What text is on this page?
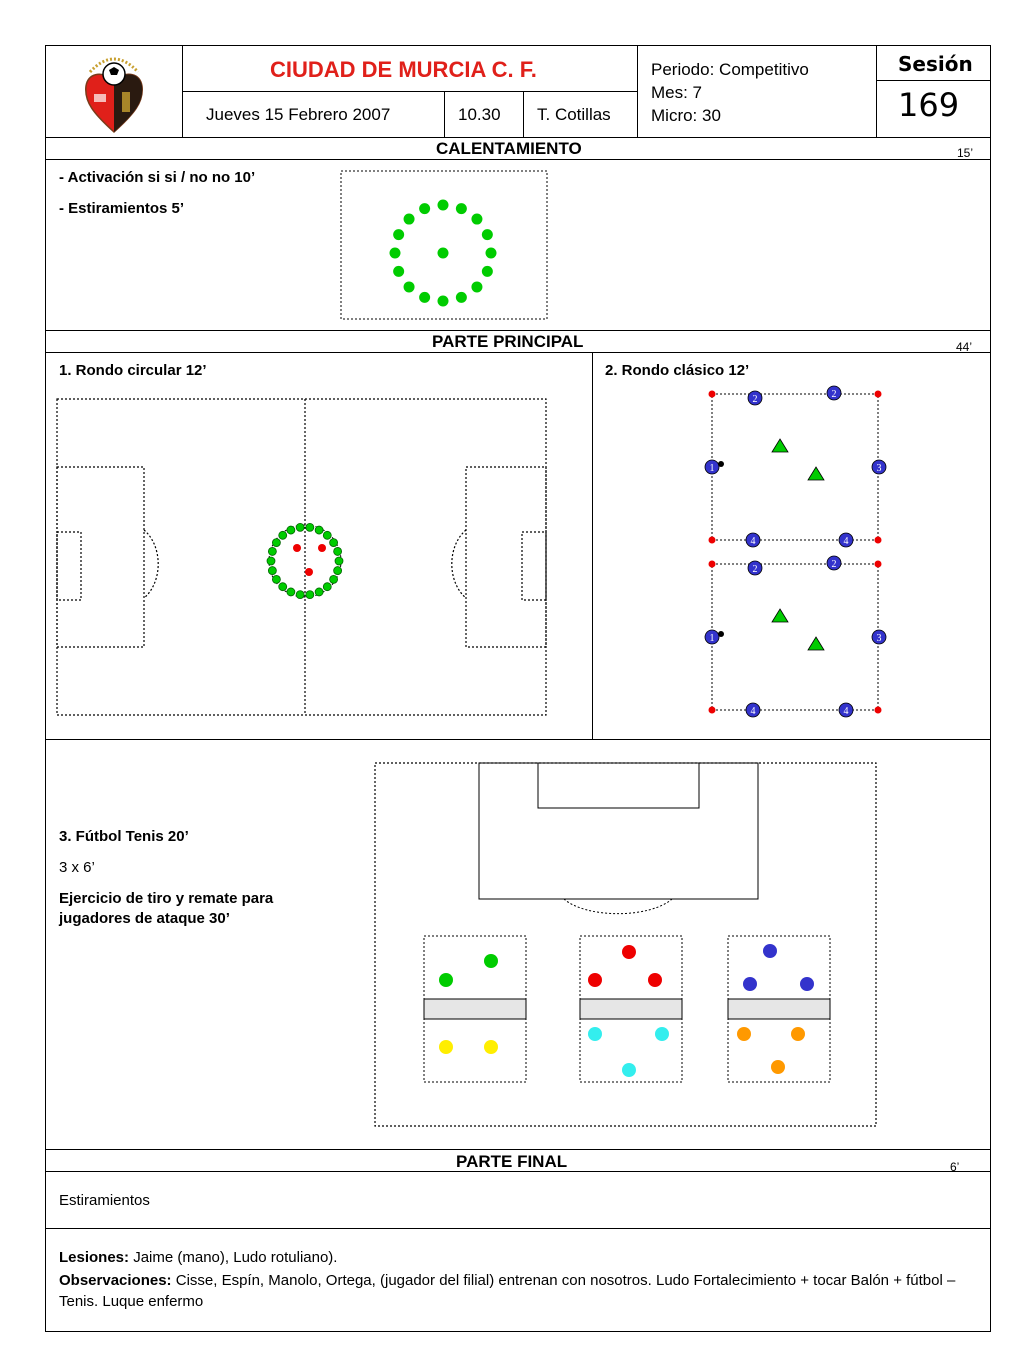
CIUDAD DE MURCIA C. F.
Jueves 15 Febrero 2007	10.30 T. Cotillas
Periodo: Competitivo
Mes: 7
Micro: 30
Sesión
169
CALENTAMIENTO	15’
- Activación si si / no no 10’
- Estiramientos 5’
PARTE PRINCIPAL	44’
1. Rondo circular 12’	2. Rondo clásico 12’
2	2
1	3
4	4
2	2
1	3
4	4
3. Fútbol Tenis 20’
3 x 6’
Ejercicio de tiro y remate para jugadores de ataque 30’
PARTE FINAL	6’
Estiramientos
Lesiones: Jaime (mano), Ludo rotuliano).
Observaciones: Cisse, Espín, Manolo, Ortega, (jugador del filial) entrenan con nosotros. Ludo Fortalecimiento + tocar Balón + fútbol – Tenis. Luque enfermo
